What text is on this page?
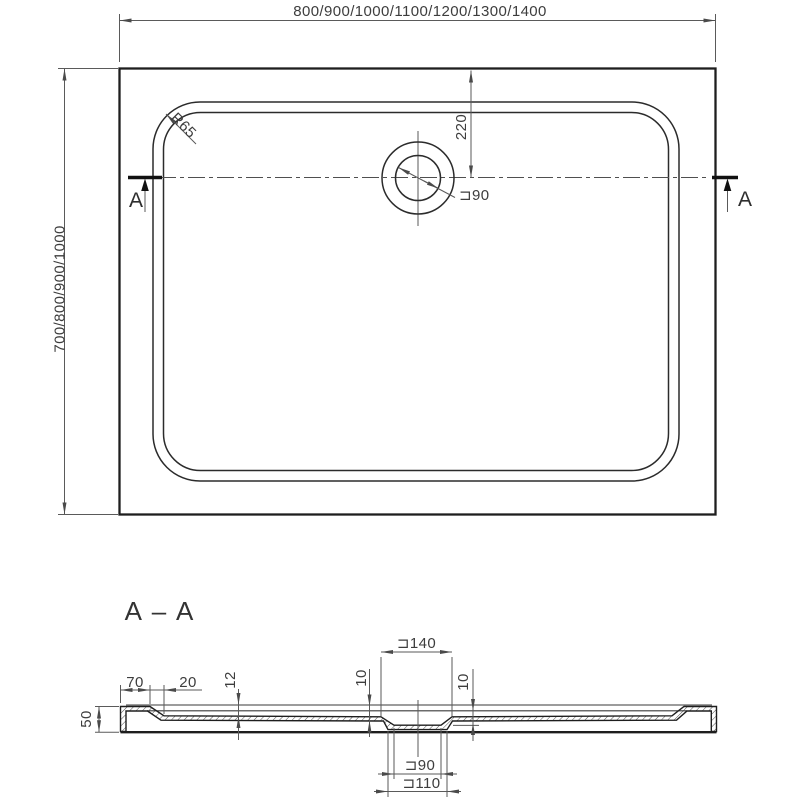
800/900/1000/1100/1200/1300/1400
700/800/900/1000
220
⊐90
R65
A	A
A – A
70 20 12	10	10
50
⊐140
⊐90
⊐110
